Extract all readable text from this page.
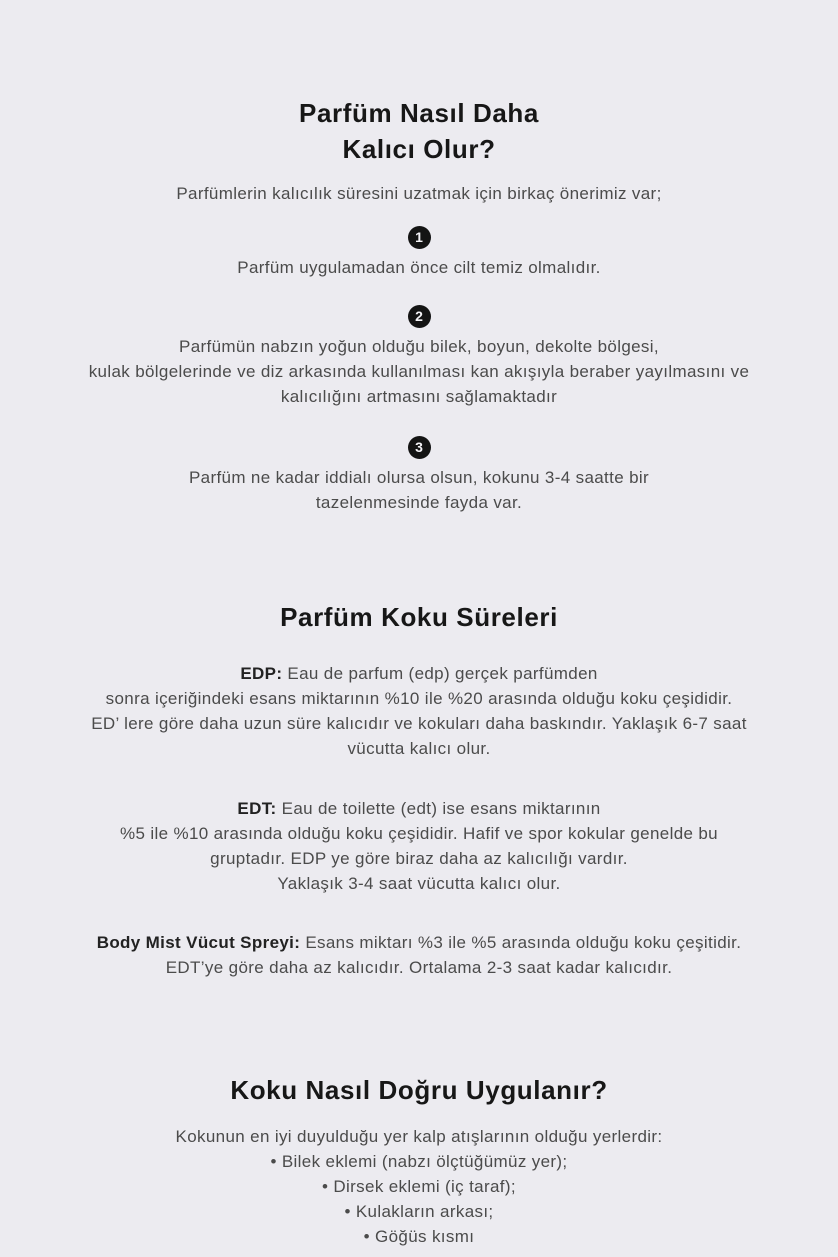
Parfüm Nasıl Daha
Kalıcı Olur?

Parfümlerin kalıcılık süresini uzatmak için birkaç önerimiz var;

1

Parfüm uygulamadan önce cilt temiz olmalıdır.

2

Parfümün nabzın yoğun olduğu bilek, boyun, dekolte bölgesi,

kulak bölgelerinde ve diz arkasında kullanılması kan akışıyla beraber yayılmasını ve

kalıcılığını artmasını sağlamaktadır

3

Parfüm ne kadar iddialı olursa olsun, kokunu 3-4 saatte bir

tazelenmesinde fayda var.

Parfüm Koku Süreleri

EDP: Eau de parfum (edp) gerçek parfümden

sonra içeriğindeki esans miktarının %10 ile %20 arasında olduğu koku çeşididir.

ED’ lere göre daha uzun süre kalıcıdır ve kokuları daha baskındır. Yaklaşık 6-7 saat

vücutta kalıcı olur.

EDT: Eau de toilette (edt) ise esans miktarının

%5 ile %10 arasında olduğu koku çeşididir. Hafif ve spor kokular genelde bu

gruptadır. EDP ye göre biraz daha az kalıcılığı vardır.

Yaklaşık 3-4 saat vücutta kalıcı olur.

Body Mist Vücut Spreyi: Esans miktarı %3 ile %5 arasında olduğu koku çeşitidir.

EDT’ye göre daha az kalıcıdır. Ortalama 2-3 saat kadar kalıcıdır.

Koku Nasıl Doğru Uygulanır?

Kokunun en iyi duyulduğu yer kalp atışlarının olduğu yerlerdir:

• Bilek eklemi (nabzı ölçtüğümüz yer);

• Dirsek eklemi (iç taraf);

• Kulakların arkası;

• Göğüs kısmı
